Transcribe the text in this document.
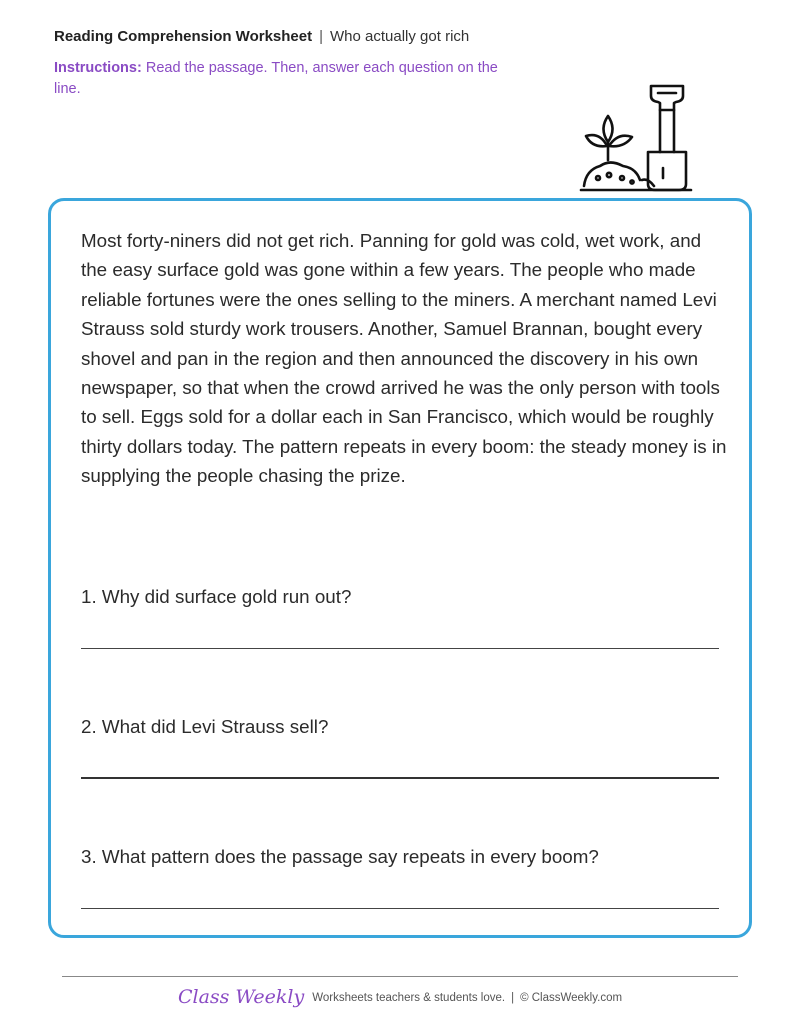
Reading Comprehension Worksheet | Who actually got rich
Instructions: Read the passage. Then, answer each question on the line.
Most forty-niners did not get rich. Panning for gold was cold, wet work, and the easy surface gold was gone within a few years. The people who made reliable fortunes were the ones selling to the miners. A merchant named Levi Strauss sold sturdy work trousers. Another, Samuel Brannan, bought every shovel and pan in the region and then announced the discovery in his own newspaper, so that when the crowd arrived he was the only person with tools to sell. Eggs sold for a dollar each in San Francisco, which would be roughly thirty dollars today. The pattern repeats in every boom: the steady money is in supplying the people chasing the prize.
1. Why did surface gold run out?
2. What did Levi Strauss sell?
3. What pattern does the passage say repeats in every boom?
Class Weekly Worksheets teachers & students love. | © ClassWeekly.com
